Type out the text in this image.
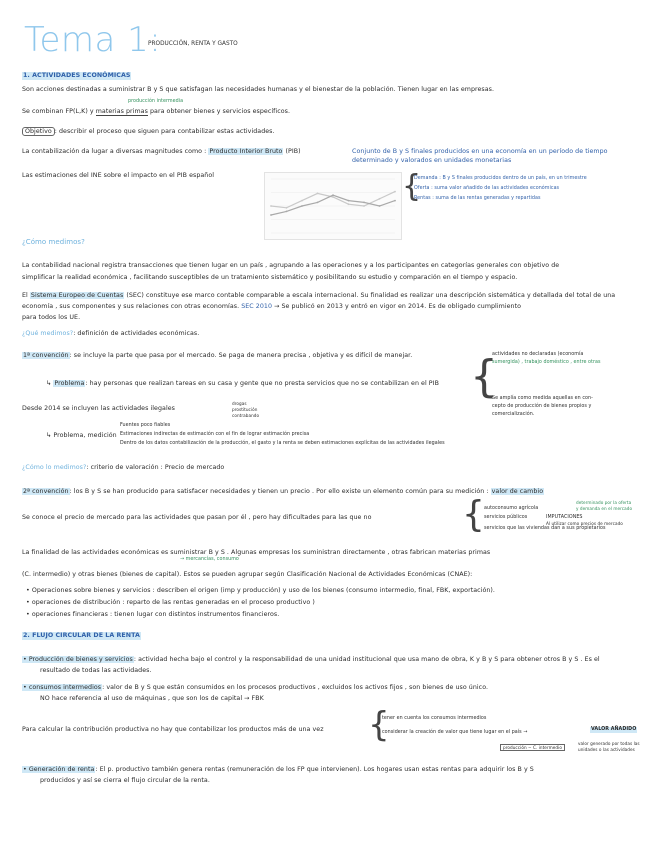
Tema 1:
PRODUCCIÓN, RENTA Y GASTO
1. ACTIVIDADES ECONÓMICAS
Son acciones destinadas a suministrar B y S que satisfagan las necesidades humanas y el bienestar de la población. Tienen lugar en las empresas.
producción intermedia
Se combinan FP(L,K) y materias primas para obtener bienes y servicios específicos.
Objetivo : describir el proceso que siguen para contabilizar estas actividades.
La contabilización da lugar a diversas magnitudes como : Producto Interior Bruto (PIB)	Conjunto de B y S finales producidos en una economía en un período de tiempo
determinado y valorados en unidades monetarias
Las estimaciones del INE sobre el impacto en el PIB español	{
Demanda : B y S finales producidos dentro de un país, en un trimestre
Oferta : suma valor añadido de las actividades económicas
Rentas : suma de las rentas generadas y repartidas
¿Cómo medimos?
La contabilidad nacional registra transacciones que tienen lugar en un país , agrupando a las operaciones y a los participantes en categorías generales con objetivo de
simplificar la realidad económica , facilitando susceptibles de un tratamiento sistemático y posibilitando su estudio y comparación en el tiempo y espacio.
El Sistema Europeo de Cuentas (SEC) constituye ese marco contable comparable a escala internacional. Su finalidad es realizar una descripción sistemática y detallada del total de una
economía , sus componentes y sus relaciones con otras economías. SEC 2010 → Se publicó en 2013 y entró en vigor en 2014. Es de obligado cumplimiento
para todos los UE.
¿Qué medimos?: definición de actividades económicas.
1ª convención: se incluye la parte que pasa por el mercado. Se paga de manera precisa , objetiva y es difícil de manejar.	actividades no declaradas (economía
sumergida) , trabajo doméstico , entre otras
{
↳ Problema: hay personas que realizan tareas en su casa y gente que no presta servicios que no se contabilizan en el PIB
Se amplía como medida aquellas en con-
cepto de producción de bienes propios y
comercialización.
Desde 2014 se incluyen las actividades ilegales
drogas
prostitución
contrabando
↳ Problema, medición
Fuentes poco fiables
Estimaciones indirectas de estimación con el fin de lograr estimación precisa
Dentro de los datos contabilización de la producción, el gasto y la renta se deben estimaciones explícitas de las actividades ilegales
¿Cómo lo medimos?: criterio de valoración : Precio de mercado
2ª convención: los B y S se han producido para satisfacer necesidades y tienen un precio . Por ello existe un elemento común para su medición : valor de cambio
determinado por la oferta
y demanda en el mercado
Se conoce el precio de mercado para las actividades que pasan por él , pero hay dificultades para las que no	{ autoconsumo agrícola
servicios públicos	IMPUTACIONES
Al utilizar como precios de mercado
servicios que las viviendas dan a sus propietarios
→ mercancías, consumo
La finalidad de las actividades económicas es suministrar B y S . Algunas empresas los suministran directamente , otras fabrican materias primas
(C. intermedio) y otras bienes (bienes de capital). Estos se pueden agrupar según Clasificación Nacional de Actividades Económicas (CNAE):
• Operaciones sobre bienes y servicios : describen el origen (imp y producción) y uso de los bienes (consumo intermedio, final, FBK, exportación).
• operaciones de distribución : reparto de las rentas generadas en el proceso productivo )
• operaciones financieras : tienen lugar con distintos instrumentos financieros.
2. FLUJO CIRCULAR DE LA RENTA
• Producción de bienes y servicios: actividad hecha bajo el control y la responsabilidad de una unidad institucional que usa mano de obra, K y B y S para obtener otros B y S . Es el
resultado de todas las actividades.
• consumos intermedios: valor de B y S que están consumidos en los procesos productivos , excluidos los activos fijos , son bienes de uso único.
NO hace referencia al uso de máquinas , que son los de capital → FBK
Para calcular la contribución productiva no hay que contabilizar los productos más de una vez {
tener en cuenta los consumos intermedios
considerar la creación de valor que tiene lugar en el país →
VALOR AÑADIDO
producción − C. intermedio
valor generado por todas las
unidades o las actividades
• Generación de renta: El p. productivo también genera rentas (remuneración de los FP que intervienen). Los hogares usan estas rentas para adquirir los B y S
producidos y así se cierra el flujo circular de la renta.
